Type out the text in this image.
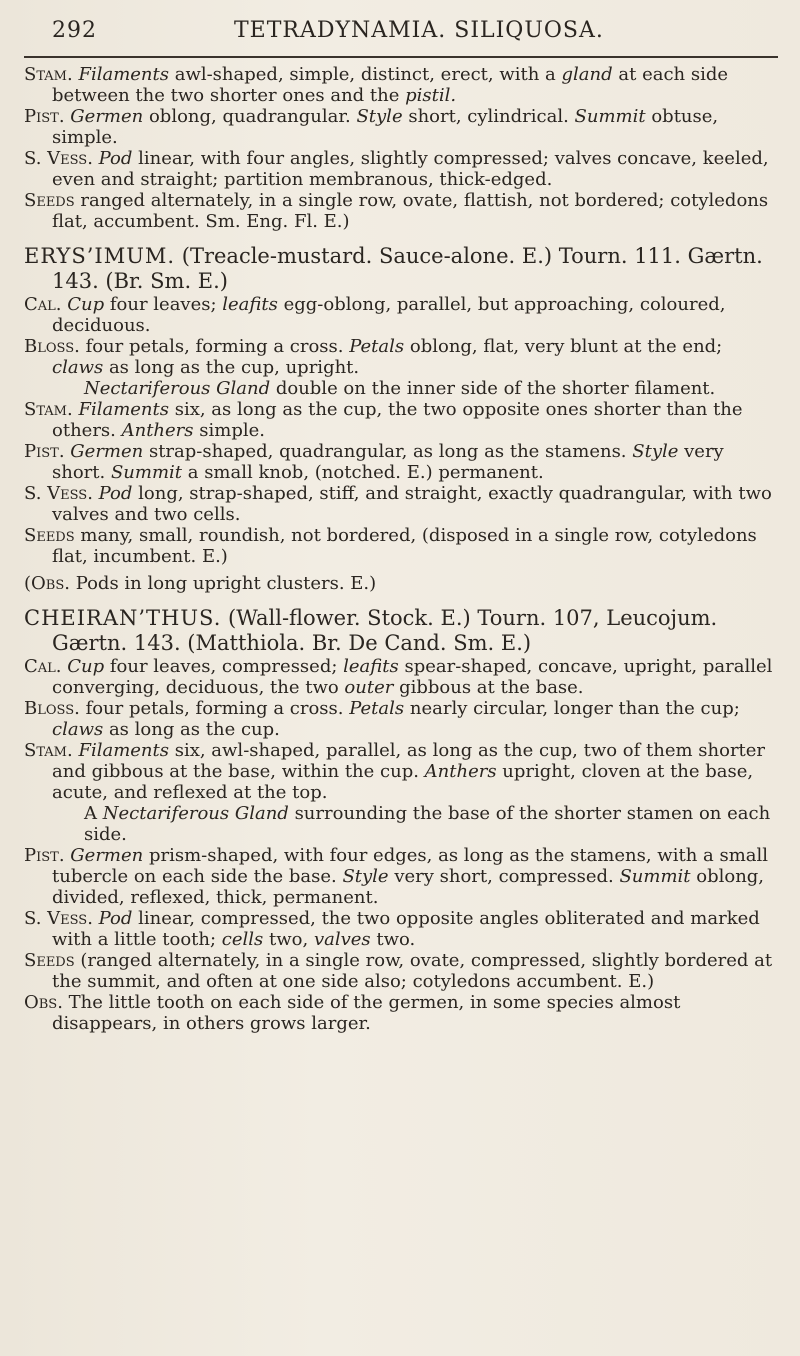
292	TETRADYNAMIA. SILIQUOSA.

Stam. Filaments awl-shaped, simple, distinct, erect, with a gland at each side between the two shorter ones and the pistil.

Pist. Germen oblong, quadrangular. Style short, cylindrical. Summit obtuse, simple.

S. Vess. Pod linear, with four angles, slightly compressed; valves concave, keeled, even and straight; partition membranous, thick-edged.

Seeds ranged alternately, in a single row, ovate, flattish, not bordered; cotyledons flat, accumbent. Sm. Eng. Fl. E.)

ERYS’IMUM. (Treacle-mustard. Sauce-alone. E.) Tourn. 111. Gærtn. 143. (Br. Sm. E.)

Cal. Cup four leaves; leafits egg-oblong, parallel, but approaching, coloured, deciduous.

Bloss. four petals, forming a cross. Petals oblong, flat, very blunt at the end; claws as long as the cup, upright.

Nectariferous Gland double on the inner side of the shorter filament.

Stam. Filaments six, as long as the cup, the two opposite ones shorter than the others. Anthers simple.

Pist. Germen strap-shaped, quadrangular, as long as the stamens. Style very short. Summit a small knob, (notched. E.) permanent.

S. Vess. Pod long, strap-shaped, stiff, and straight, exactly quadrangular, with two valves and two cells.

Seeds many, small, roundish, not bordered, (disposed in a single row, cotyledons flat, incumbent. E.)

(Obs. Pods in long upright clusters. E.)

CHEIRAN’THUS. (Wall-flower. Stock. E.) Tourn. 107, Leucojum. Gærtn. 143. (Matthiola. Br. De Cand. Sm. E.)

Cal. Cup four leaves, compressed; leafits spear-shaped, concave, upright, parallel converging, deciduous, the two outer gibbous at the base.

Bloss. four petals, forming a cross. Petals nearly circular, longer than the cup; claws as long as the cup.

Stam. Filaments six, awl-shaped, parallel, as long as the cup, two of them shorter and gibbous at the base, within the cup. Anthers upright, cloven at the base, acute, and reflexed at the top.

A Nectariferous Gland surrounding the base of the shorter stamen on each side.

Pist. Germen prism-shaped, with four edges, as long as the stamens, with a small tubercle on each side the base. Style very short, compressed. Summit oblong, divided, reflexed, thick, permanent.

S. Vess. Pod linear, compressed, the two opposite angles obliterated and marked with a little tooth; cells two, valves two.

Seeds (ranged alternately, in a single row, ovate, compressed, slightly bordered at the summit, and often at one side also; cotyledons accumbent. E.)

Obs. The little tooth on each side of the germen, in some species almost disappears, in others grows larger.
